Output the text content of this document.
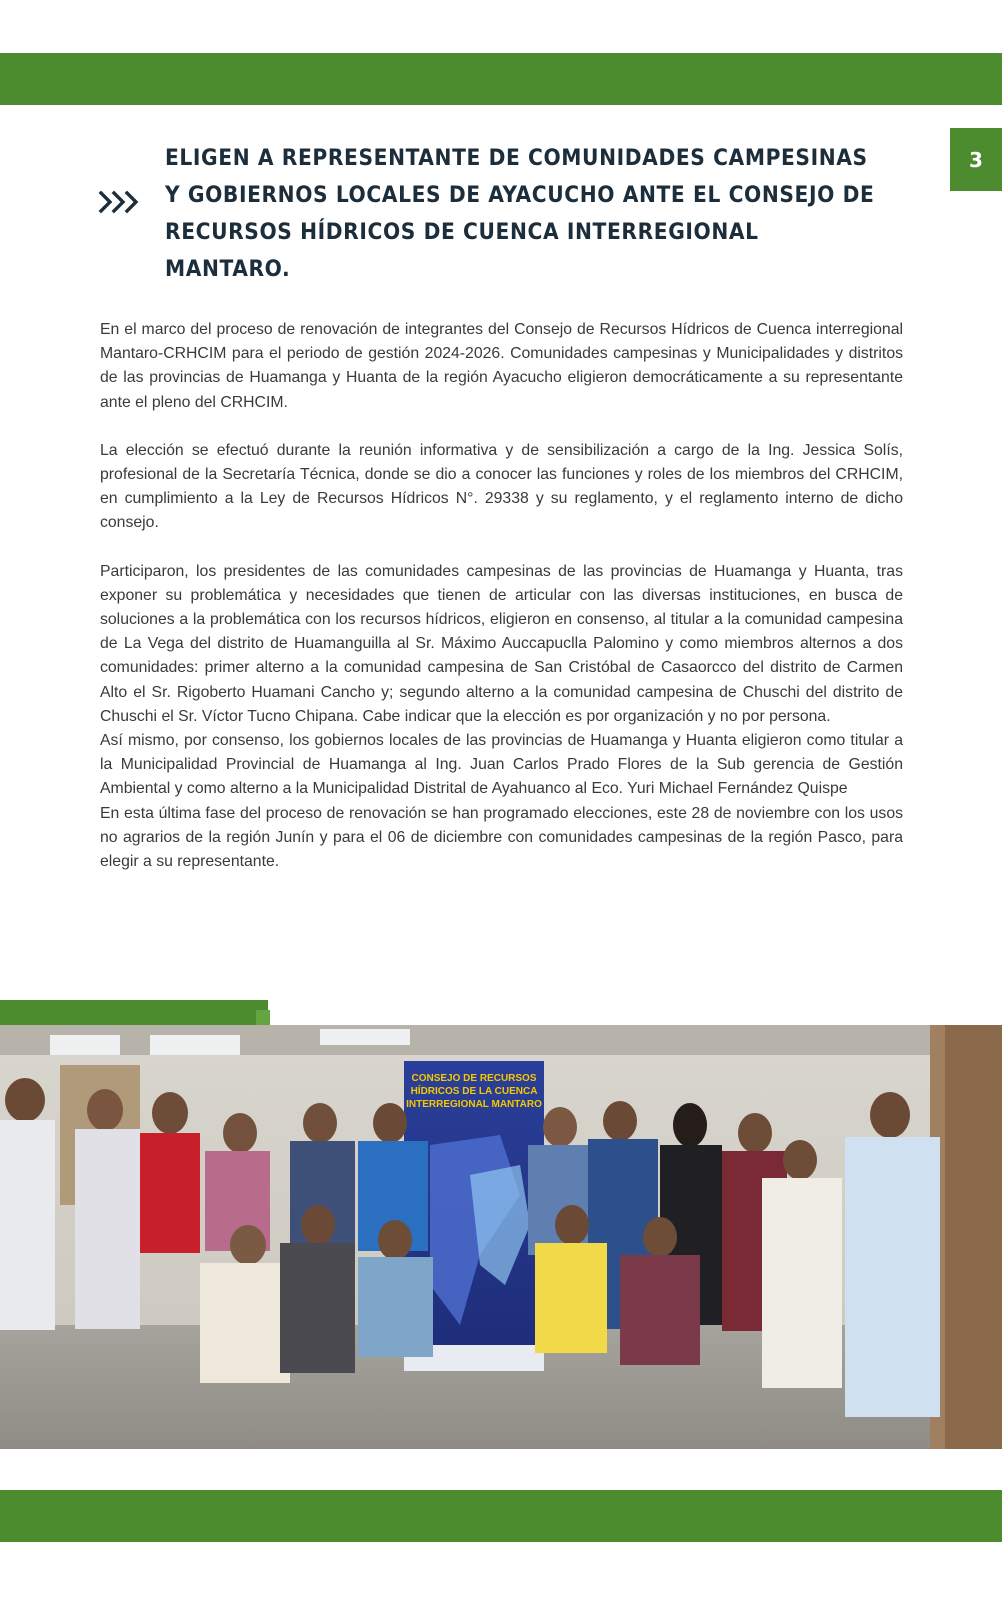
3
ELIGEN A REPRESENTANTE DE COMUNIDADES CAMPESINAS Y GOBIERNOS LOCALES DE AYACUCHO ANTE EL CONSEJO DE RECURSOS HÍDRICOS DE CUENCA INTERREGIONAL MANTARO.

En el marco del proceso de renovación de integrantes del Consejo de Recursos Hídricos de Cuenca interregional Mantaro-CRHCIM para el periodo de gestión 2024-2026. Comunidades campesinas y Municipalidades y distritos de las provincias de Huamanga y Huanta de la región Ayacucho eligieron democráticamente a su representante ante el pleno del CRHCIM.

La elección se efectuó durante la reunión informativa y de sensibilización a cargo de la Ing. Jessica Solís, profesional de la Secretaría Técnica, donde se dio a conocer las funciones y roles de los miembros del CRHCIM, en cumplimiento a la Ley de Recursos Hídricos N°. 29338 y su reglamento, y el reglamento interno de dicho consejo.

Participaron, los presidentes de las comunidades campesinas de las provincias de Huamanga y Huanta, tras exponer su problemática y necesidades que tienen de articular con las diversas instituciones, en busca de soluciones a la problemática con los recursos hídricos, eligieron en consenso, al titular a la comunidad campesina de La Vega del distrito de Huamanguilla al Sr. Máximo Auccapuclla Palomino y como miembros alternos a dos comunidades: primer alterno a la comunidad campesina de San Cristóbal de Casaorcco del distrito de Carmen Alto el Sr. Rigoberto Huamani Cancho y; segundo alterno a la comunidad campesina de Chuschi del distrito de Chuschi el Sr. Víctor Tucno Chipana. Cabe indicar que la elección es por organización y no por persona.

Así mismo, por consenso, los gobiernos locales de las provincias de Huamanga y Huanta eligieron como titular a la Municipalidad Provincial de Huamanga al Ing. Juan Carlos Prado Flores de la Sub gerencia de Gestión Ambiental y como alterno a la Municipalidad Distrital de Ayahuanco al Eco. Yuri Michael Fernández Quispe

En esta última fase del proceso de renovación se han programado elecciones, este 28 de noviembre con los usos no agrarios de la región Junín y para el 06 de diciembre con comunidades campesinas de la región Pasco, para elegir a su representante.

CONSEJO DE RECURSOS
HÍDRICOS DE LA CUENCA
INTERREGIONAL MANTARO
